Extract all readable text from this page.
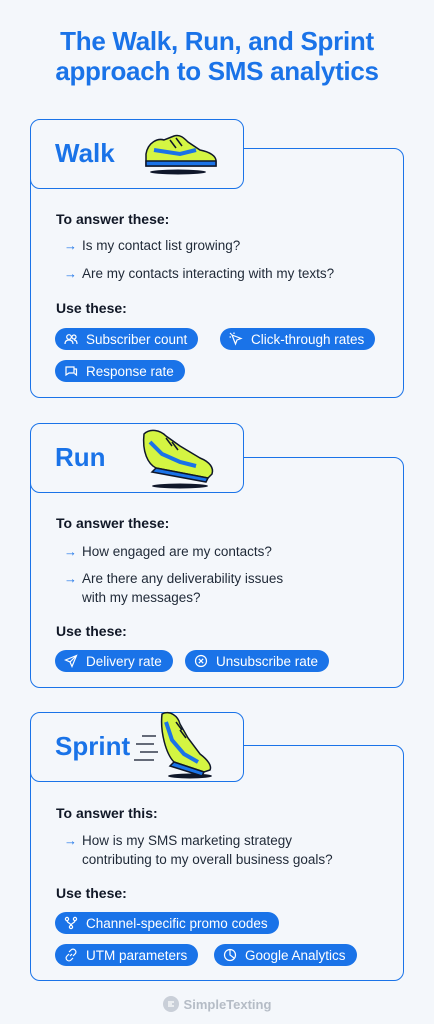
The Walk, Run, and Sprint
approach to SMS analytics
Walk
To answer these:
→ Is my contact list growing?
→ Are my contacts interacting with my texts?
Use these:
Subscriber count	Click-through rates
Response rate
Run
To answer these:
→ How engaged are my contacts?
→ Are there any deliverability issues
with my messages?
Use these:
Delivery rate	Unsubscribe rate
Sprint
To answer this:
→ How is my SMS marketing strategy
contributing to my overall business goals?
Use these:
Channel-specific promo codes
UTM parameters	Google Analytics
SimpleTexting
